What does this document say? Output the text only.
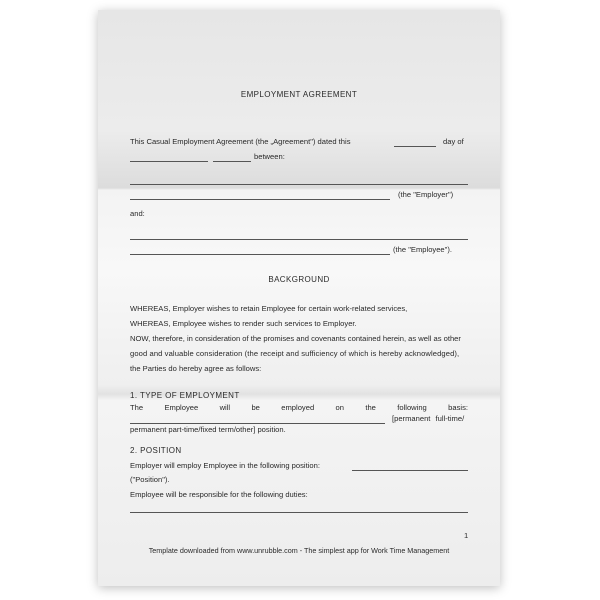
EMPLOYMENT AGREEMENT
This Casual Employment Agreement (the „Agreement") dated this	day of
between:
(the "Employer")
and:
(the "Employee").
BACKGROUND
WHEREAS, Employer wishes to retain Employee for certain work-related services,
WHEREAS, Employee wishes to render such services to Employer.
NOW, therefore, in consideration of the promises and covenants contained herein, as well as other
good and valuable consideration (the receipt and sufficiency of which is hereby acknowledged),
the Parties do hereby agree as follows:
1. TYPE OF EMPLOYMENT
The	Employee	will	be	employed	on	the	following	basis:
[permanent full-time/
permanent part-time/fixed term/other] position.
2. POSITION
Employer will employ Employee in the following position:
("Position").
Employee will be responsible for the following duties:
1
Template downloaded from www.unrubble.com - The simplest app for Work Time Management
